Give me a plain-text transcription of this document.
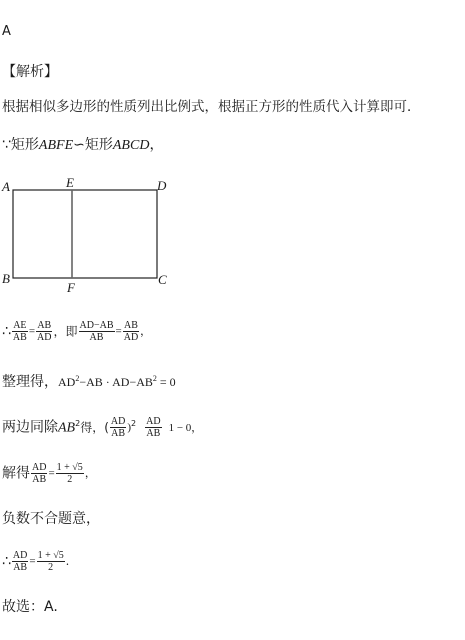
A
【解析】
根据相似多边形的性质列出比例式，根据正方形的性质代入计算即可．
∵矩形ABFE∽矩形ABCD，
A	E	D
B
F
C
∴ $\frac{AE}{AB} = \frac{AB}{AD}$ ，即 $\frac{AD-AB}{AB} = \frac{AB}{AD}$ ，
整理得，$AD^2-AB \cdot AD-AB^2 = 0$
两边同除$AB^2$得，( $\frac{AD}{AB} )^2 \frac{AD}{AB} 1 - 0$，
解得 $\frac{AD}{AB} = \frac{1 + √5}{2}$ ，
负数不合题意，
∴ $\frac{AD}{AB} = \frac{1 + √5}{2}$ ．
故选：A.
